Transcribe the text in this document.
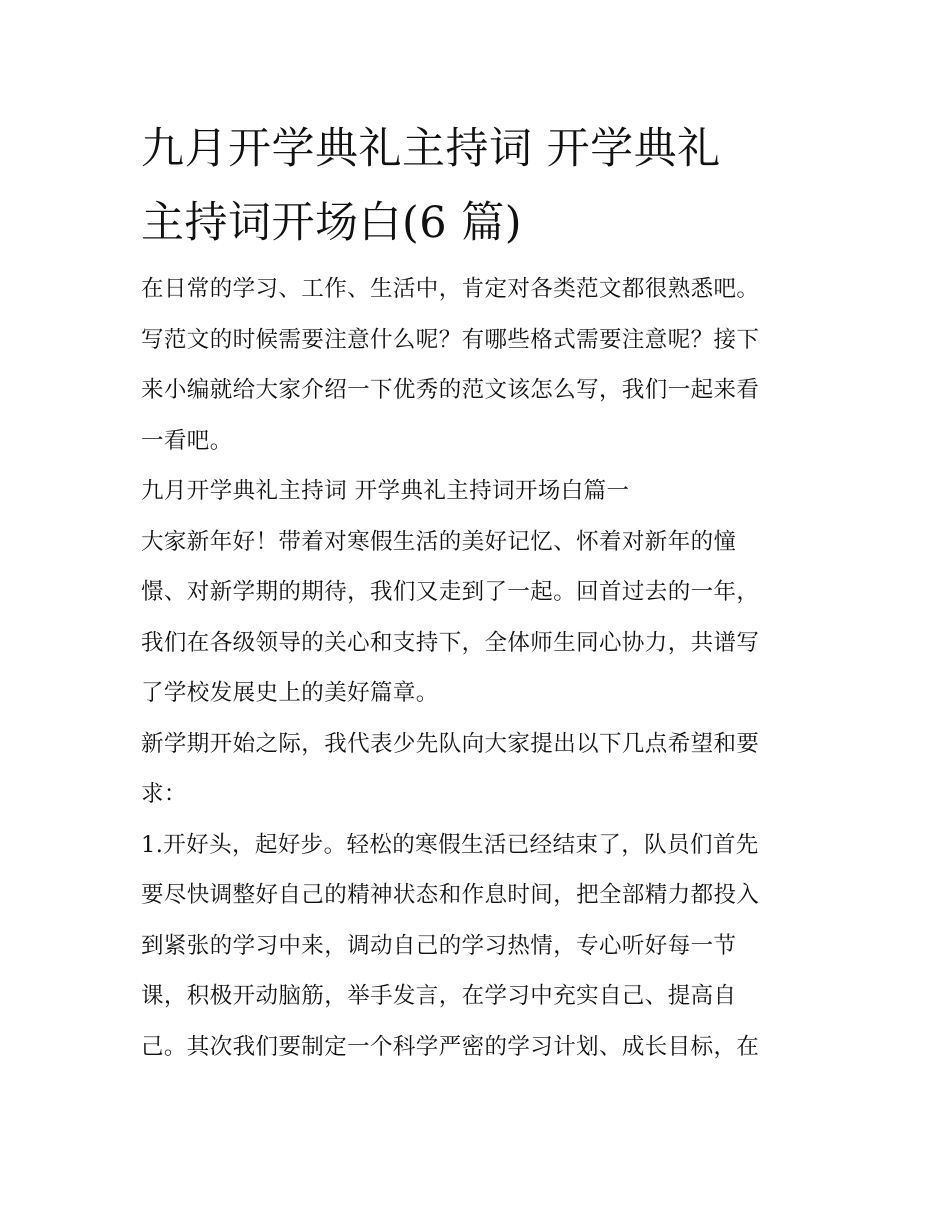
九月开学典礼主持词 开学典礼
主持词开场白(6 篇)
在日常的学习、工作、生活中，肯定对各类范文都很熟悉吧。
写范文的时候需要注意什么呢？有哪些格式需要注意呢？接下
来小编就给大家介绍一下优秀的范文该怎么写，我们一起来看
一看吧。
九月开学典礼主持词 开学典礼主持词开场白篇一
大家新年好！带着对寒假生活的美好记忆、怀着对新年的憧
憬、对新学期的期待，我们又走到了一起。回首过去的一年，
我们在各级领导的关心和支持下，全体师生同心协力，共谱写
了学校发展史上的美好篇章。
新学期开始之际，我代表少先队向大家提出以下几点希望和要
求：
1.开好头，起好步。轻松的寒假生活已经结束了，队员们首先
要尽快调整好自己的精神状态和作息时间，把全部精力都投入
到紧张的学习中来，调动自己的学习热情，专心听好每一节
课，积极开动脑筋，举手发言，在学习中充实自己、提高自
己。其次我们要制定一个科学严密的学习计划、成长目标，在
